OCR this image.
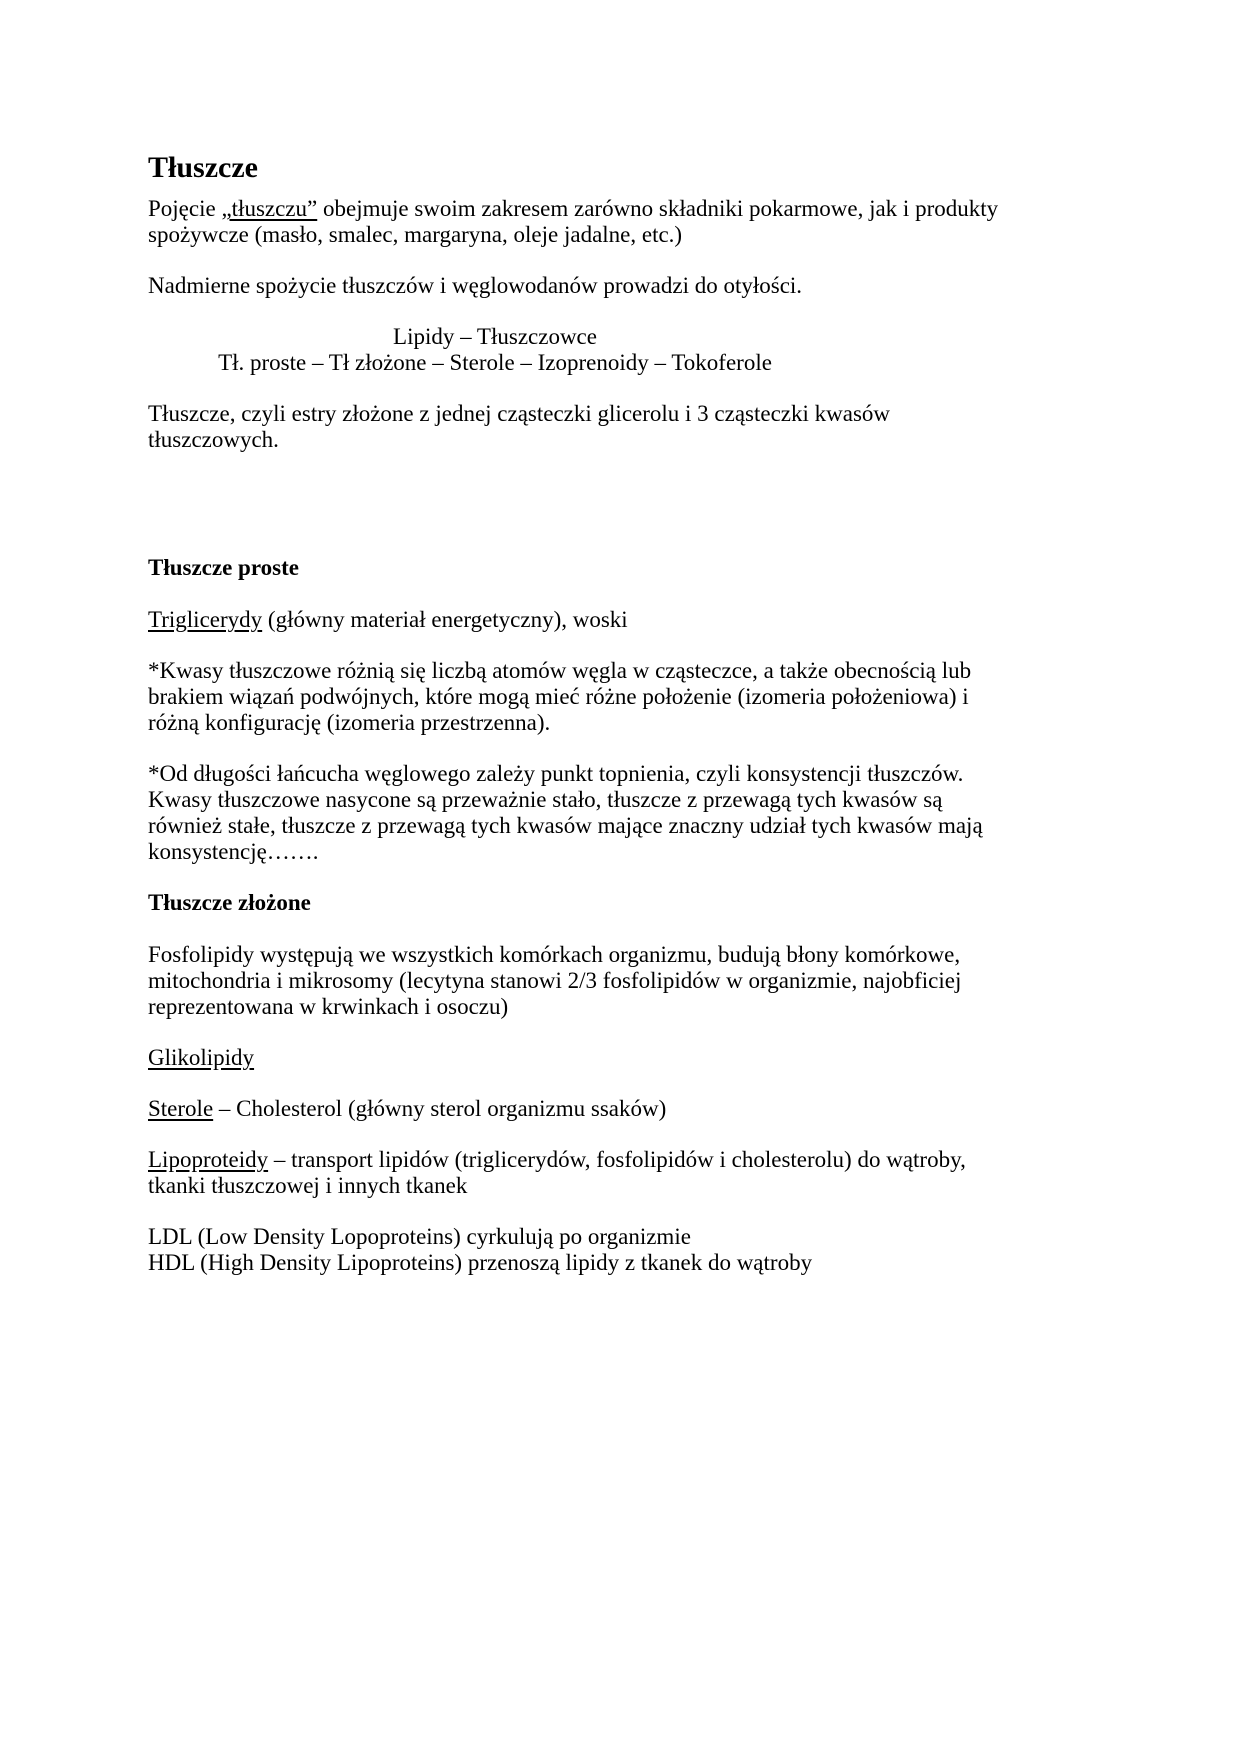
Tłuszcze
Pojęcie „tłuszczu” obejmuje swoim zakresem zarówno składniki pokarmowe, jak i produkty
spożywcze (masło, smalec, margaryna, oleje jadalne, etc.)
Nadmierne spożycie tłuszczów i węglowodanów prowadzi do otyłości.
Lipidy – Tłuszczowce
Tł. proste – Tł złożone – Sterole – Izoprenoidy – Tokoferole
Tłuszcze, czyli estry złożone z jednej cząsteczki glicerolu i 3 cząsteczki kwasów
tłuszczowych.
Tłuszcze proste
Triglicerydy (główny materiał energetyczny), woski
*Kwasy tłuszczowe różnią się liczbą atomów węgla w cząsteczce, a także obecnością lub
brakiem wiązań podwójnych, które mogą mieć różne położenie (izomeria położeniowa) i
różną konfigurację (izomeria przestrzenna).
*Od długości łańcucha węglowego zależy punkt topnienia, czyli konsystencji tłuszczów.
Kwasy tłuszczowe nasycone są przeważnie stało, tłuszcze z przewagą tych kwasów są
również stałe, tłuszcze z przewagą tych kwasów mające znaczny udział tych kwasów mają
konsystencję…….
Tłuszcze złożone
Fosfolipidy występują we wszystkich komórkach organizmu, budują błony komórkowe,
mitochondria i mikrosomy (lecytyna stanowi 2/3 fosfolipidów w organizmie, najobficiej
reprezentowana w krwinkach i osoczu)
Glikolipidy
Sterole – Cholesterol (główny sterol organizmu ssaków)
Lipoproteidy – transport lipidów (triglicerydów, fosfolipidów i cholesterolu) do wątroby,
tkanki tłuszczowej i innych tkanek
LDL (Low Density Lopoproteins) cyrkulują po organizmie
HDL (High Density Lipoproteins) przenoszą lipidy z tkanek do wątroby
